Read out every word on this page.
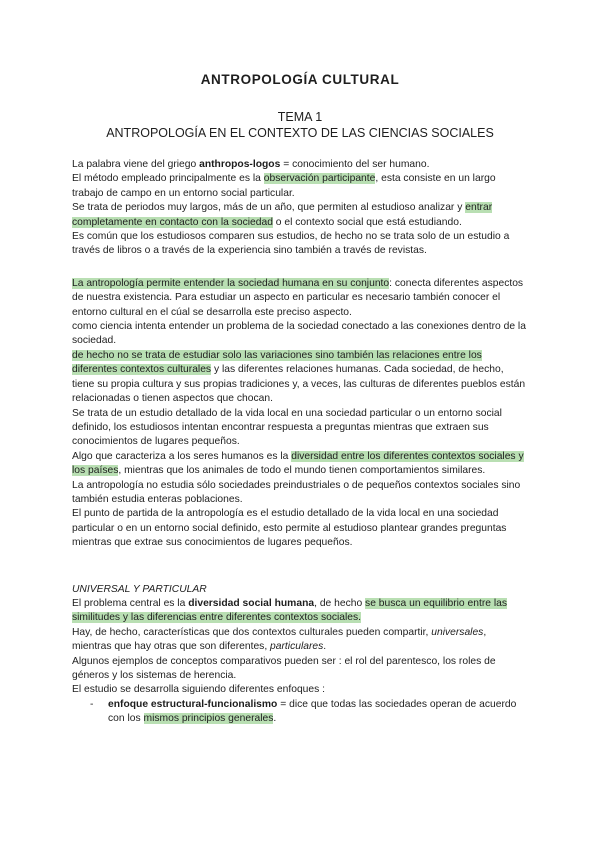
ANTROPOLOGÍA CULTURAL

TEMA 1

ANTROPOLOGÍA EN EL CONTEXTO DE LAS CIENCIAS SOCIALES

La palabra viene del griego anthropos-logos = conocimiento del ser humano.

El método empleado principalmente es la observación participante, esta consiste en un largo trabajo de campo en un entorno social particular.

Se trata de periodos muy largos, más de un año, que permiten al estudioso analizar y entrar completamente en contacto con la sociedad o el contexto social que está estudiando.

Es común que los estudiosos comparen sus estudios, de hecho no se trata solo de un estudio a través de libros o a través de la experiencia sino también a través de revistas.

La antropología permite entender la sociedad humana en su conjunto: conecta diferentes aspectos de nuestra existencia. Para estudiar un aspecto en particular es necesario también conocer el entorno cultural en el cúal se desarrolla este preciso aspecto.

como ciencia intenta entender un problema de la sociedad conectado a las conexiones dentro de la sociedad.

de hecho no se trata de estudiar solo las variaciones sino también las relaciones entre los diferentes contextos culturales y las diferentes relaciones humanas. Cada sociedad, de hecho, tiene su propia cultura y sus propias tradiciones y, a veces, las culturas de diferentes pueblos están relacionadas o tienen aspectos que chocan.

Se trata de un estudio detallado de la vida local en una sociedad particular o un entorno social definido, los estudiosos intentan encontrar respuesta a preguntas mientras que extraen sus conocimientos de lugares pequeños.

Algo que caracteriza a los seres humanos es la diversidad entre los diferentes contextos sociales y los países, mientras que los animales de todo el mundo tienen comportamientos similares.

La antropología no estudia sólo sociedades preindustriales o de pequeños contextos sociales sino también estudia enteras poblaciones.

El punto de partida de la antropología es el estudio detallado de la vida local en una sociedad particular o en un entorno social definido, esto permite al estudioso plantear grandes preguntas mientras que extrae sus conocimientos de lugares pequeños.

UNIVERSAL Y PARTICULAR

El problema central es la diversidad social humana, de hecho se busca un equilibrio entre las similitudes y las diferencias entre diferentes contextos sociales.

Hay, de hecho, características que dos contextos culturales pueden compartir, universales, mientras que hay otras que son diferentes, particulares.

Algunos ejemplos de conceptos comparativos pueden ser : el rol del parentesco, los roles de géneros y los sistemas de herencia.

El estudio se desarrolla siguiendo diferentes enfoques :

-	enfoque estructural-funcionalismo = dice que todas las sociedades operan de acuerdo con los mismos principios generales.
